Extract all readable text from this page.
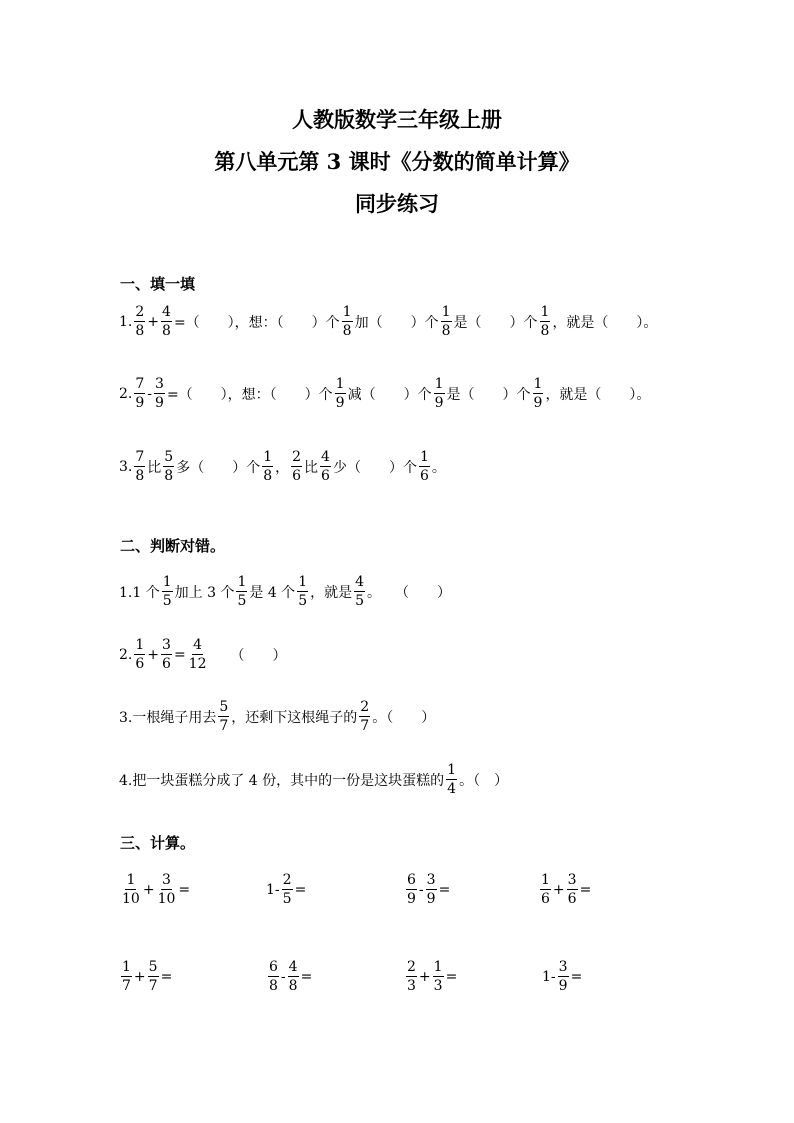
人教版数学三年级上册
第八单元第 3 课时《分数的简单计算》
同步练习
一、填一填
1. $\frac{2}{8} + \frac{4}{8}$ =（　　），想：（　　）个 $\frac{1}{8}$ 加（　　）个 $\frac{1}{8}$ 是（　　）个 $\frac{1}{8}$ ，就是（　　）。
2. $\frac{7}{9} - \frac{3}{9}$ =（　　），想：（　　）个 $\frac{1}{9}$ 减（　　）个 $\frac{1}{9}$ 是（　　）个 $\frac{1}{9}$ ，就是（　　）。
3. $\frac{7}{8}$ 比 $\frac{5}{8}$ 多（　　）个 $\frac{1}{8}$ ， $\frac{2}{6}$ 比 $\frac{4}{6}$ 少（　　）个 $\frac{1}{6}$ 。
二、判断对错。
1.1 个 $\frac{1}{5}$ 加上 3 个 $\frac{1}{5}$ 是 4 个 $\frac{1}{5}$ ，就是 $\frac{4}{5}$ 。　　（　　）
2. $\frac{1}{6} + \frac{3}{6} = \frac{4}{12}$ 　　（　　）
3.一根绳子用去 $\frac{5}{7}$ ，还剩下这根绳子的 $\frac{2}{7}$ 。（　　）
4.把一块蛋糕分成了 4 份，其中的一份是这块蛋糕的 $\frac{1}{4}$ 。（　）
三、计算。
$\frac{1}{10} + \frac{3}{10}$ =	$1- \frac{2}{5}$ =	$\frac{6}{9} - \frac{3}{9}$ =	$\frac{1}{6} + \frac{3}{6}$ =
$\frac{1}{7} + \frac{5}{7}$ =	$\frac{6}{8} - \frac{4}{8}$ =	$\frac{2}{3} + \frac{1}{3}$ =	$1- \frac{3}{9}$ =
